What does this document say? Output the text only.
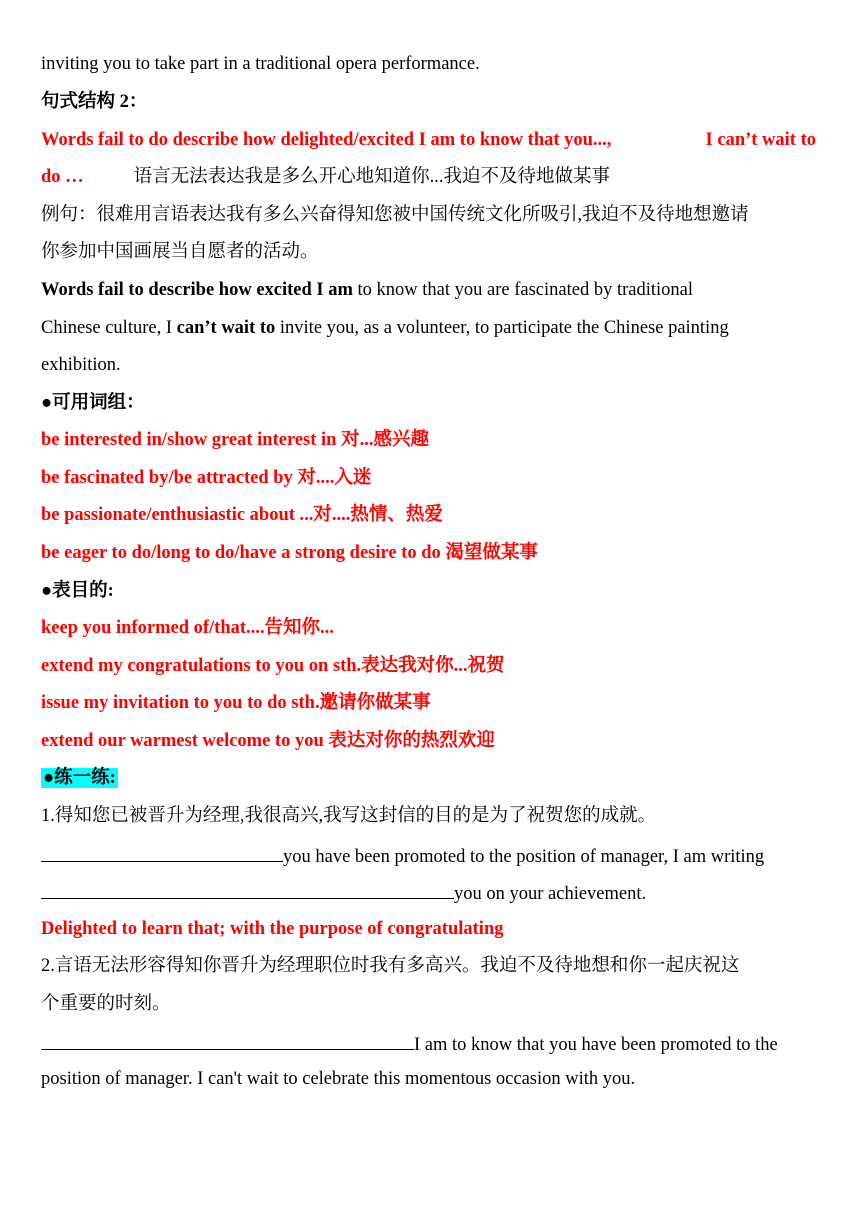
inviting you to take part in a traditional opera performance.
句式结构 2：
Words fail to do describe how delighted/excited I am to know that you...,	I can’t wait to
do …	语言无法表达我是多么开心地知道你...我迫不及待地做某事
例句：很难用言语表达我有多么兴奋得知您被中国传统文化所吸引,我迫不及待地想邀请
你参加中国画展当自愿者的活动。
Words fail to describe how excited I am to know that you are fascinated by traditional
Chinese culture, I can’t wait to invite you, as a volunteer, to participate the Chinese painting
exhibition.
●可用词组：
be interested in/show great interest in 对...感兴趣
be fascinated by/be attracted by 对....入迷
be passionate/enthusiastic about ...对....热情、热爱
be eager to do/long to do/have a strong desire to do 渴望做某事
●表目的:
keep you informed of/that....告知你...
extend my congratulations to you on sth.表达我对你...祝贺
issue my invitation to you to do sth.邀请你做某事
extend our warmest welcome to you 表达对你的热烈欢迎
●练一练:
1.得知您已被晋升为经理,我很高兴,我写这封信的目的是为了祝贺您的成就。
you have been promoted to the position of manager, I am writing
you on your achievement.
Delighted to learn that; with the purpose of congratulating
2.言语无法形容得知你晋升为经理职位时我有多高兴。我迫不及待地想和你一起庆祝这
个重要的时刻。
I am to know that you have been promoted to the
position of manager. I can't wait to celebrate this momentous occasion with you.
